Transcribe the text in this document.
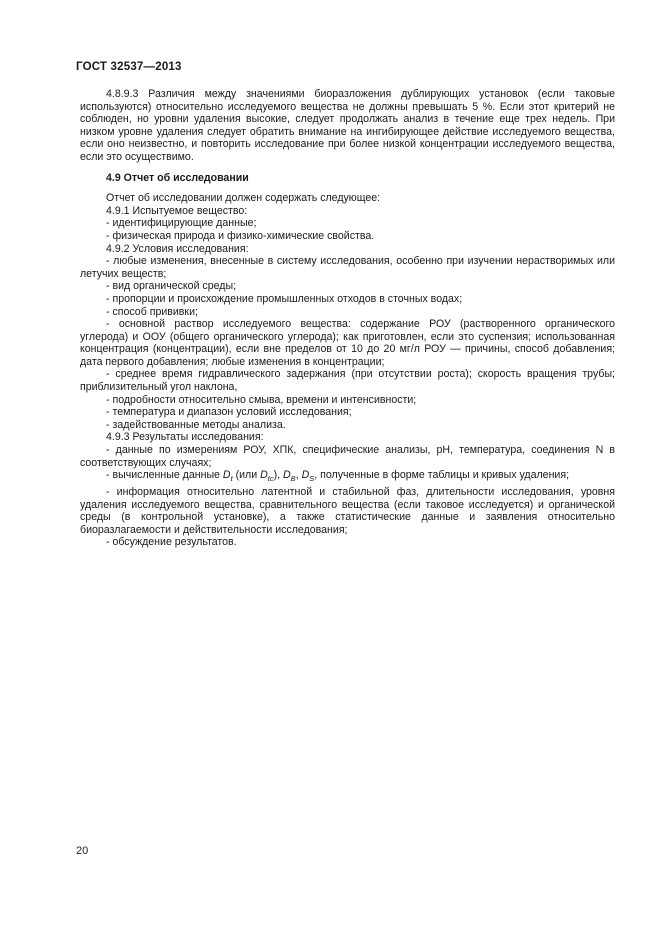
ГОСТ 32537—2013

4.8.9.3 Различия между значениями биоразложения дублирующих установок (если таковые используются) относительно исследуемого вещества не должны превышать 5 %. Если этот критерий не соблюден, но уровни удаления высокие, следует продолжать анализ в течение еще трех недель. При низком уровне удаления следует обратить внимание на ингибирующее действие исследуемого вещества, если оно неизвестно, и повторить исследование при более низкой концентрации исследуемого вещества, если это осуществимо.

4.9 Отчет об исследовании

Отчет об исследовании должен содержать следующее:

4.9.1 Испытуемое вещество:

- идентифицирующие данные;

- физическая природа и физико-химические свойства.

4.9.2 Условия исследования:

- любые изменения, внесенные в систему исследования, особенно при изучении нерастворимых или летучих веществ;

- вид органической среды;

- пропорции и происхождение промышленных отходов в сточных водах;

- способ прививки;

- основной раствор исследуемого вещества: содержание РОУ (растворенного органического углерода) и ООУ (общего органического углерода); как приготовлен, если это суспензия; использованная концентрация (концентрации), если вне пределов от 10 до 20 мг/л РОУ — причины, способ добавления; дата первого добавления; любые изменения в концентрации;

- среднее время гидравлического задержания (при отсутствии роста); скорость вращения трубы; приблизительный угол наклона,

- подробности относительно смыва, времени и интенсивности;

- температура и диапазон условий исследования;

- задействованные методы анализа.

4.9.3 Результаты исследования:

- данные по измерениям РОУ, ХПК, специфические анализы, рН, температура, соединения N в соответствующих случаях;

- вычисленные данные $D_t$ (или $D_{tc}$), $D_B$, $D_S$, полученные в форме таблицы и кривых удаления;

- информация относительно латентной и стабильной фаз, длительности исследования, уровня удаления исследуемого вещества, сравнительного вещества (если таковое исследуется) и органической среды (в контрольной установке), а также статистические данные и заявления относительно биоразлагаемости и действительности исследования;

- обсуждение результатов.

20
